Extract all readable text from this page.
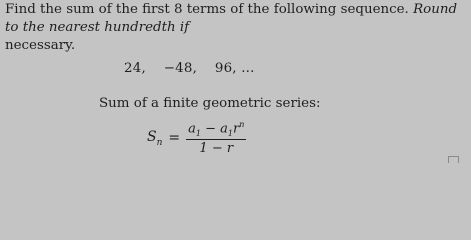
Find the sum of the first 8 terms of the following sequence. Round to the nearest hundredth if
necessary.
24,    −48,    96, ...
Sum of a finite geometric series:
$S_n = \frac{a_1 - a_1r^n}{1 - r}$
